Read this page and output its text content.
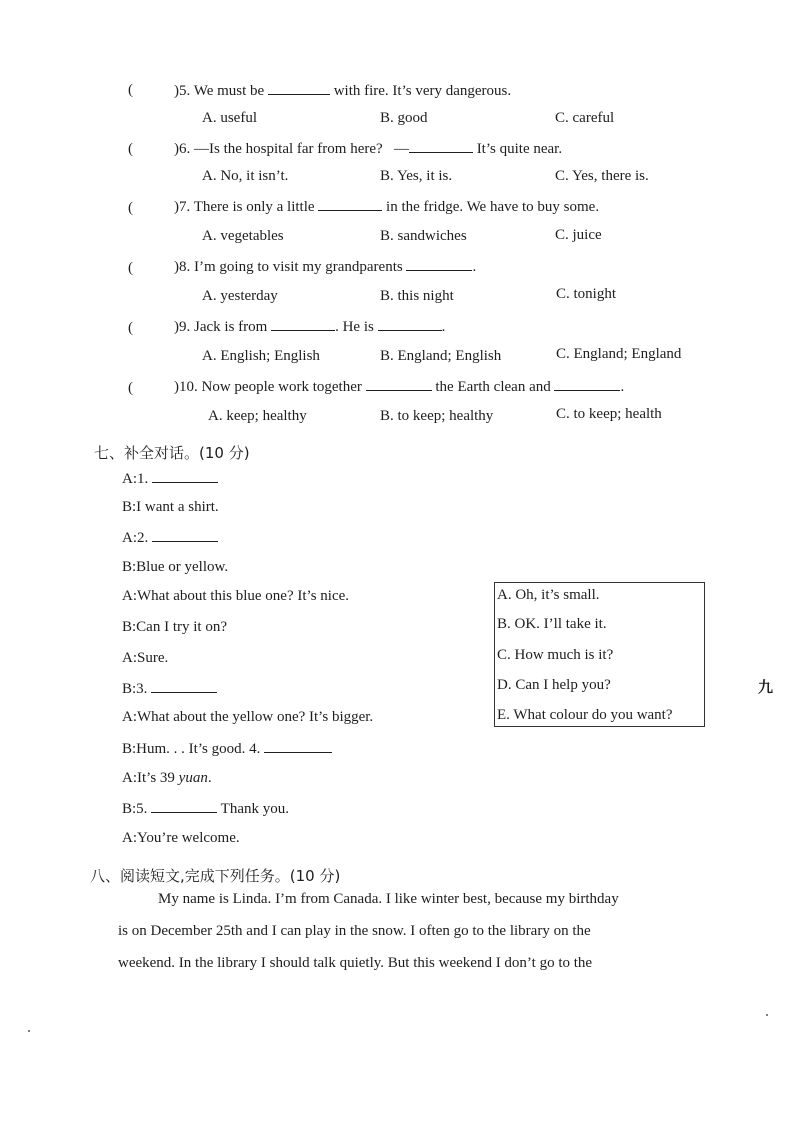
(	)5. We must be	with fire. It’s very dangerous.
A. useful	B. good	C. careful
(	)6. —Is the hospital far from here? —	It’s quite near.
A. No, it isn’t.	B. Yes, it is.	C. Yes, there is.
(	)7. There is only a little	in the fridge. We have to buy some.
A. vegetables	B. sandwiches	C. juice
(	)8. I’m going to visit my grandparents	.
A. yesterday	B. this night	C. tonight
(	)9. Jack is from	. He is	.
A. English; English	B. England; English	C. England; England
(	)10. Now people work together	the Earth clean and	.
A. keep; healthy	B. to keep; healthy	C. to keep; health
七、补全对话。(10 分)
A:1.
B:I want a shirt.
A:2.
B:Blue or yellow.
A:What about this blue one? It’s nice.
B:Can I try it on?
A:Sure.
B:3.
A:What about the yellow one? It’s bigger.
B:Hum. . . It’s good. 4.
A:It’s 39 yuan.
B:5.	Thank you.
A:You’re welcome.
A. Oh, it’s small.
B. OK. I’ll take it.
C. How much is it?
D. Can I help you?
E. What colour do you want?
九
八、阅读短文,完成下列任务。(10 分)
My name is Linda. I’m from Canada. I like winter best, because my birthday
is on December 25th and I can play in the snow. I often go to the library on the
weekend. In the library I should talk quietly. But this weekend I don’t go to the
